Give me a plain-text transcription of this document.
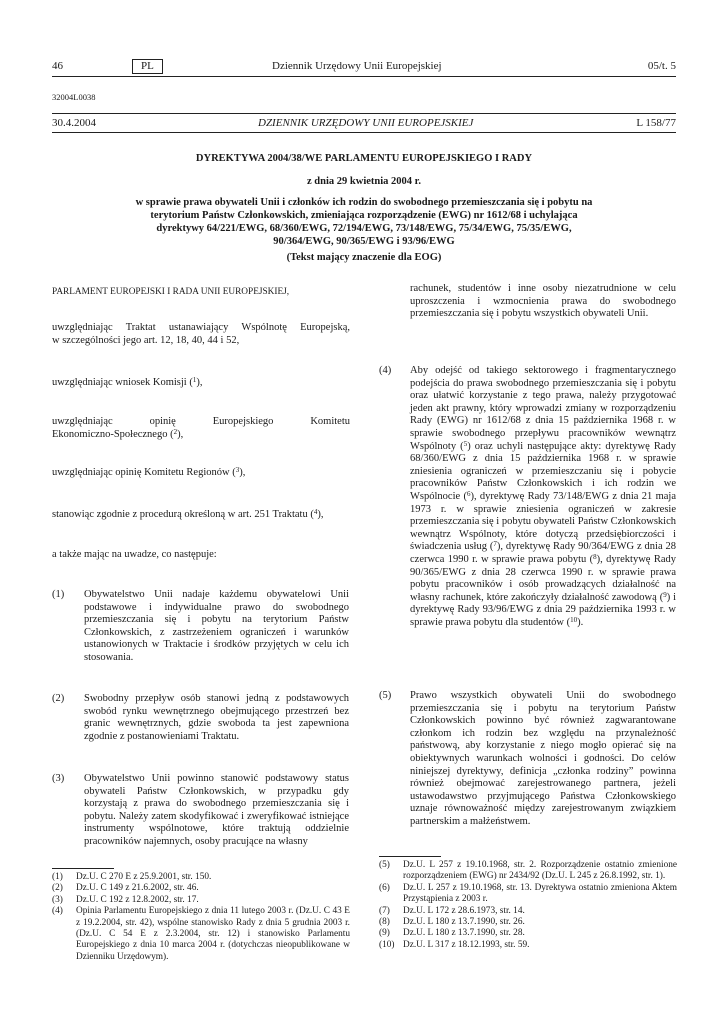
46	PL	Dziennik Urzędowy Unii Europejskiej	05/t. 5
32004L0038
30.4.2004	DZIENNIK URZĘDOWY UNII EUROPEJSKIEJ	L 158/77
DYREKTYWA 2004/38/WE PARLAMENTU EUROPEJSKIEGO I RADY
z dnia 29 kwietnia 2004 r.
w sprawie prawa obywateli Unii i członków ich rodzin do swobodnego przemieszczania się i pobytu na
terytorium Państw Członkowskich, zmieniająca rozporządzenie (EWG) nr 1612/68 i uchylająca
dyrektywy 64/221/EWG, 68/360/EWG, 72/194/EWG, 73/148/EWG, 75/34/EWG, 75/35/EWG,
90/364/EWG, 90/365/EWG i 93/96/EWG
(Tekst mający znaczenie dla EOG)
PARLAMENT EUROPEJSKI I RADA UNII EUROPEJSKIEJ,
uwzględniając Traktat ustanawiający Wspólnotę Europejską,
w szczególności jego art. 12, 18, 40, 44 i 52,
uwzględniając wniosek Komisji ($^1$),
uwzględniając opinię Europejskiego Komitetu
Ekonomiczno-Społecznego ($^2$),
uwzględniając opinię Komitetu Regionów ($^3$),
stanowiąc zgodnie z procedurą określoną w art. 251 Traktatu ($^4$),
a także mając na uwadze, co następuje:
(1) Obywatelstwo Unii nadaje każdemu obywatelowi Unii podstawowe i indywidualne prawo do swobodnego przemieszczania się i pobytu na terytorium Państw Członkowskich, z zastrzeżeniem ograniczeń i warunków ustanowionych w Traktacie i środków przyjętych w celu ich stosowania.
(2) Swobodny przepływ osób stanowi jedną z podstawowych swobód rynku wewnętrznego obejmującego przestrzeń bez granic wewnętrznych, gdzie swoboda ta jest zapewniona zgodnie z postanowieniami Traktatu.
(3) Obywatelstwo Unii powinno stanowić podstawowy status obywateli Państw Członkowskich, w przypadku gdy korzystają z prawa do swobodnego przemieszczania się i pobytu. Należy zatem skodyfikować i zweryfikować istniejące instrumenty wspólnotowe, które traktują oddzielnie pracowników najemnych, osoby pracujące na własny
rachunek, studentów i inne osoby niezatrudnione w celu uproszczenia i wzmocnienia prawa do swobodnego przemieszczania się i pobytu wszystkich obywateli Unii.
(4) Aby odejść od takiego sektorowego i fragmentarycznego podejścia do prawa swobodnego przemieszczania się i pobytu oraz ułatwić korzystanie z tego prawa, należy przygotować jeden akt prawny, który wprowadzi zmiany w rozporządzeniu Rady (EWG) nr 1612/68 z dnia 15 października 1968 r. w sprawie swobodnego przepływu pracowników wewnątrz Wspólnoty ($^5$) oraz uchyli następujące akty: dyrektywę Rady 68/360/EWG z dnia 15 października 1968 r. w sprawie zniesienia ograniczeń w przemieszczaniu się i pobycie pracowników Państw Członkowskich i ich rodzin we Wspólnocie ($^6$), dyrektywę Rady 73/148/EWG z dnia 21 maja 1973 r. w sprawie zniesienia ograniczeń w zakresie przemieszczania się i pobytu obywateli Państw Członkowskich wewnątrz Wspólnoty, które dotyczą przedsiębiorczości i świadczenia usług ($^7$), dyrektywę Rady 90/364/EWG z dnia 28 czerwca 1990 r. w sprawie prawa pobytu ($^8$), dyrektywę Rady 90/365/EWG z dnia 28 czerwca 1990 r. w sprawie prawa pobytu pracowników i osób prowadzących działalność na własny rachunek, które zakończyły działalność zawodową ($^9$) i dyrektywę Rady 93/96/EWG z dnia 29 października 1993 r. w sprawie prawa pobytu dla studentów ($^{10}$).
(5) Prawo wszystkich obywateli Unii do swobodnego przemieszczania się i pobytu na terytorium Państw Członkowskich powinno być również zagwarantowane członkom ich rodzin bez względu na przynależność państwową, aby korzystanie z niego mogło opierać się na obiektywnych warunkach wolności i godności. Do celów niniejszej dyrektywy, definicja „członka rodziny” powinna również obejmować zarejestrowanego partnera, jeżeli ustawodawstwo przyjmującego Państwa Członkowskiego uznaje równoważność między zarejestrowanym związkiem partnerskim a małżeństwem.
(1) Dz.U. C 270 E z 25.9.2001, str. 150.
(2) Dz.U. C 149 z 21.6.2002, str. 46.
(3) Dz.U. C 192 z 12.8.2002, str. 17.
(4) Opinia Parlamentu Europejskiego z dnia 11 lutego 2003 r. (Dz.U. C 43 E z 19.2.2004, str. 42), wspólne stanowisko Rady z dnia 5 grudnia 2003 r. (Dz.U. C 54 E z 2.3.2004, str. 12) i stanowisko Parlamentu Europejskiego z dnia 10 marca 2004 r. (dotychczas nieopublikowane w Dzienniku Urzędowym).
(5) Dz.U. L 257 z 19.10.1968, str. 2. Rozporządzenie ostatnio zmienione rozporządzeniem (EWG) nr 2434/92 (Dz.U. L 245 z 26.8.1992, str. 1).
(6) Dz.U. L 257 z 19.10.1968, str. 13. Dyrektywa ostatnio zmieniona Aktem Przystąpienia z 2003 r.
(7) Dz.U. L 172 z 28.6.1973, str. 14.
(8) Dz.U. L 180 z 13.7.1990, str. 26.
(9) Dz.U. L 180 z 13.7.1990, str. 28.
(10) Dz.U. L 317 z 18.12.1993, str. 59.
